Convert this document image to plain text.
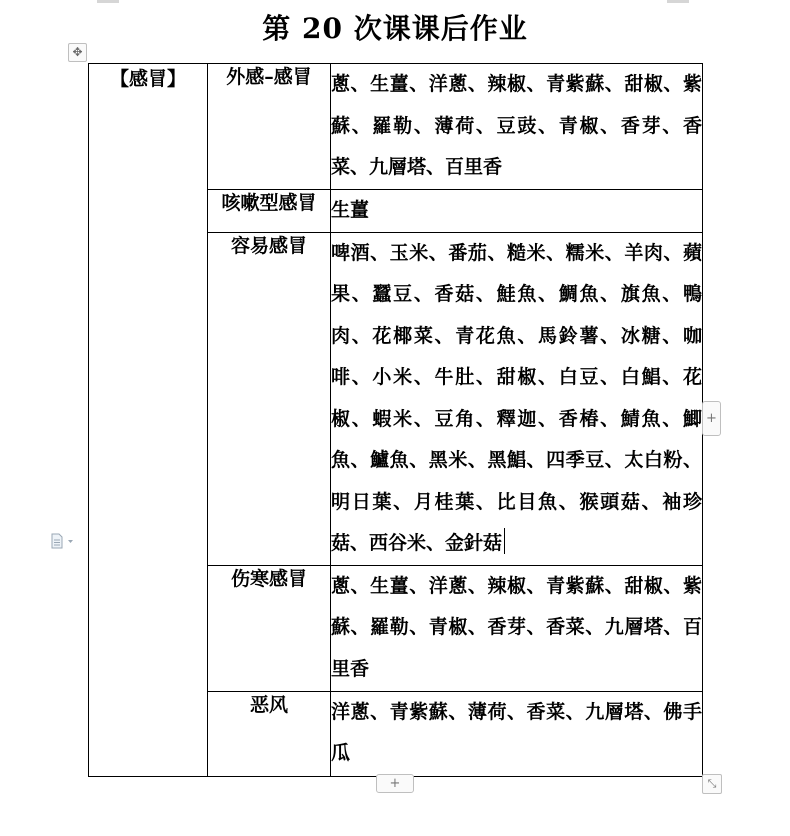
第 20 次课课后作业
✥
【感冒】	外感–感冒	蔥、生薑、洋蔥、辣椒、青紫蘇、甜椒、紫蘇、羅勒、薄荷、豆豉、青椒、香芽、香菜、九層塔、百里香
	咳嗽型感冒	生薑
	容易感冒	啤酒、玉米、番茄、糙米、糯米、羊肉、蘋果、蠶豆、香菇、鮭魚、鯛魚、旗魚、鴨肉、花椰菜、青花魚、馬鈴薯、冰糖、咖啡、小米、牛肚、甜椒、白豆、白鯧、花椒、蝦米、豆角、釋迦、香椿、鯖魚、鯽魚、鱸魚、黑米、黑鯧、四季豆、太白粉、明日葉、月桂葉、比目魚、猴頭菇、袖珍菇、西谷米、金針菇
	伤寒感冒	蔥、生薑、洋蔥、辣椒、青紫蘇、甜椒、紫蘇、羅勒、青椒、香芽、香菜、九層塔、百里香
	恶风	洋蔥、青紫蘇、薄荷、香菜、九層塔、佛手瓜
+
+	⤡
